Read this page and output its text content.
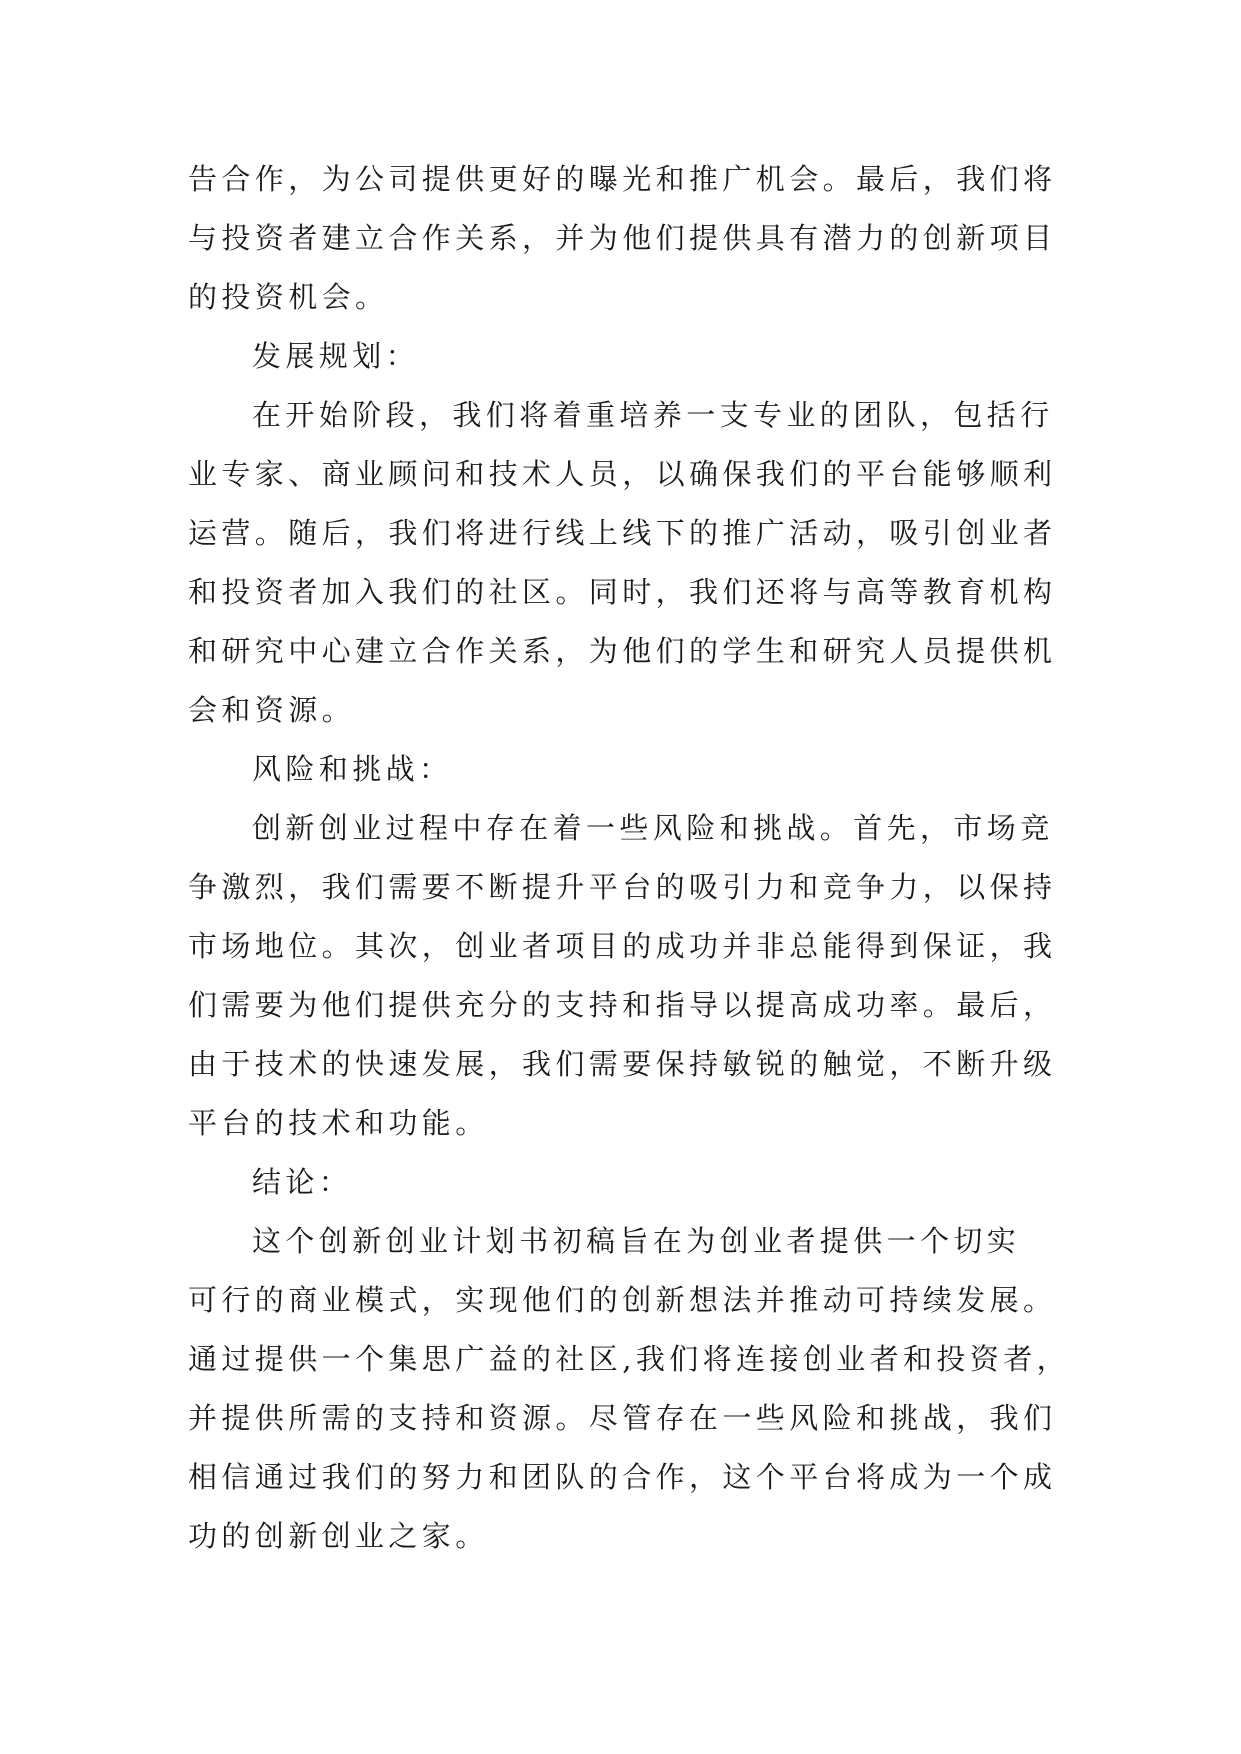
告合作，为公司提供更好的曝光和推广机会。最后，我们将
与投资者建立合作关系，并为他们提供具有潜力的创新项目
的投资机会。
发展规划：
在开始阶段，我们将着重培养一支专业的团队，包括行
业专家、商业顾问和技术人员，以确保我们的平台能够顺利
运营。随后，我们将进行线上线下的推广活动，吸引创业者
和投资者加入我们的社区。同时，我们还将与高等教育机构
和研究中心建立合作关系，为他们的学生和研究人员提供机
会和资源。
风险和挑战：
创新创业过程中存在着一些风险和挑战。首先，市场竞
争激烈，我们需要不断提升平台的吸引力和竞争力，以保持
市场地位。其次，创业者项目的成功并非总能得到保证，我
们需要为他们提供充分的支持和指导以提高成功率。最后，
由于技术的快速发展，我们需要保持敏锐的触觉，不断升级
平台的技术和功能。
结论：
这个创新创业计划书初稿旨在为创业者提供一个切实
可行的商业模式，实现他们的创新想法并推动可持续发展。
通过提供一个集思广益的社区,我们将连接创业者和投资者，
并提供所需的支持和资源。尽管存在一些风险和挑战，我们
相信通过我们的努力和团队的合作，这个平台将成为一个成
功的创新创业之家。
